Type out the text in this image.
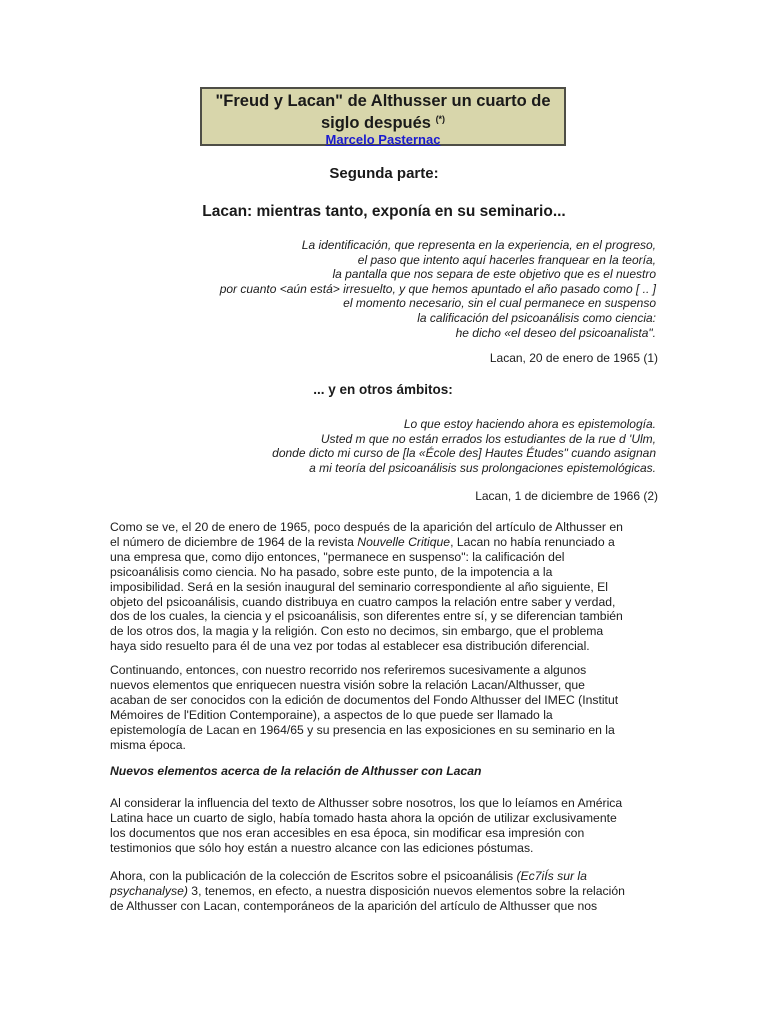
"Freud y Lacan" de Althusser un cuarto de
siglo después (*)
Marcelo Pasternac
Segunda parte:
Lacan: mientras tanto, exponía en su seminario...
La identificación, que representa en la experiencia, en el progreso,
el paso que intento aquí hacerles franquear en la teoría,
la pantalla que nos separa de este objetivo que es el nuestro
por cuanto <aún está> irresuelto, y que hemos apuntado el año pasado como [ .. ]
el momento necesario, sin el cual permanece en suspenso
la calificación del psicoanálisis como ciencia:
he dicho «el deseo del psicoanalista".
Lacan, 20 de enero de 1965 (1)
... y en otros ámbitos:
Lo que estoy haciendo ahora es epistemología.
Usted m que no están errados los estudiantes de la rue d 'Ulm,
donde dicto mi curso de [la «École des] Hautes Études" cuando asignan
a mi teoría del psicoanálisis sus prolongaciones epistemológicas.
Lacan, 1 de diciembre de 1966 (2)
Como se ve, el 20 de enero de 1965, poco después de la aparición del artículo de Althusser en
el número de diciembre de 1964 de la revista Nouvelle Critique, Lacan no había renunciado a
una empresa que, como dijo entonces, "permanece en suspenso": la calificación del
psicoanálisis como ciencia. No ha pasado, sobre este punto, de la impotencia a la
imposibilidad. Será en la sesión inaugural del seminario correspondiente al año siguiente, El
objeto del psicoanálisis, cuando distribuya en cuatro campos la relación entre saber y verdad,
dos de los cuales, la ciencia y el psicoanálisis, son diferentes entre sí, y se diferencian también
de los otros dos, la magia y la religión. Con esto no decimos, sin embargo, que el problema
haya sido resuelto para él de una vez por todas al establecer esa distribución diferencial.
Continuando, entonces, con nuestro recorrido nos referiremos sucesivamente a algunos
nuevos elementos que enriquecen nuestra visión sobre la relación Lacan/Althusser, que
acaban de ser conocidos con la edición de documentos del Fondo Althusser del IMEC (Institut
Mémoires de l'Edition Contemporaine), a aspectos de lo que puede ser llamado la
epistemología de Lacan en 1964/65 y su presencia en las exposiciones en su seminario en la
misma época.
Nuevos elementos acerca de la relación de Althusser con Lacan
Al considerar la influencia del texto de Althusser sobre nosotros, los que lo leíamos en América
Latina hace un cuarto de siglo, había tomado hasta ahora la opción de utilizar exclusivamente
los documentos que nos eran accesibles en esa época, sin modificar esa impresión con
testimonios que sólo hoy están a nuestro alcance con las ediciones póstumas.
Ahora, con la publicación de la colección de Escritos sobre el psicoanálisis (Ec7iÍs sur la
psychanalyse) 3, tenemos, en efecto, a nuestra disposición nuevos elementos sobre la relación
de Althusser con Lacan, contemporáneos de la aparición del artículo de Althusser que nos
